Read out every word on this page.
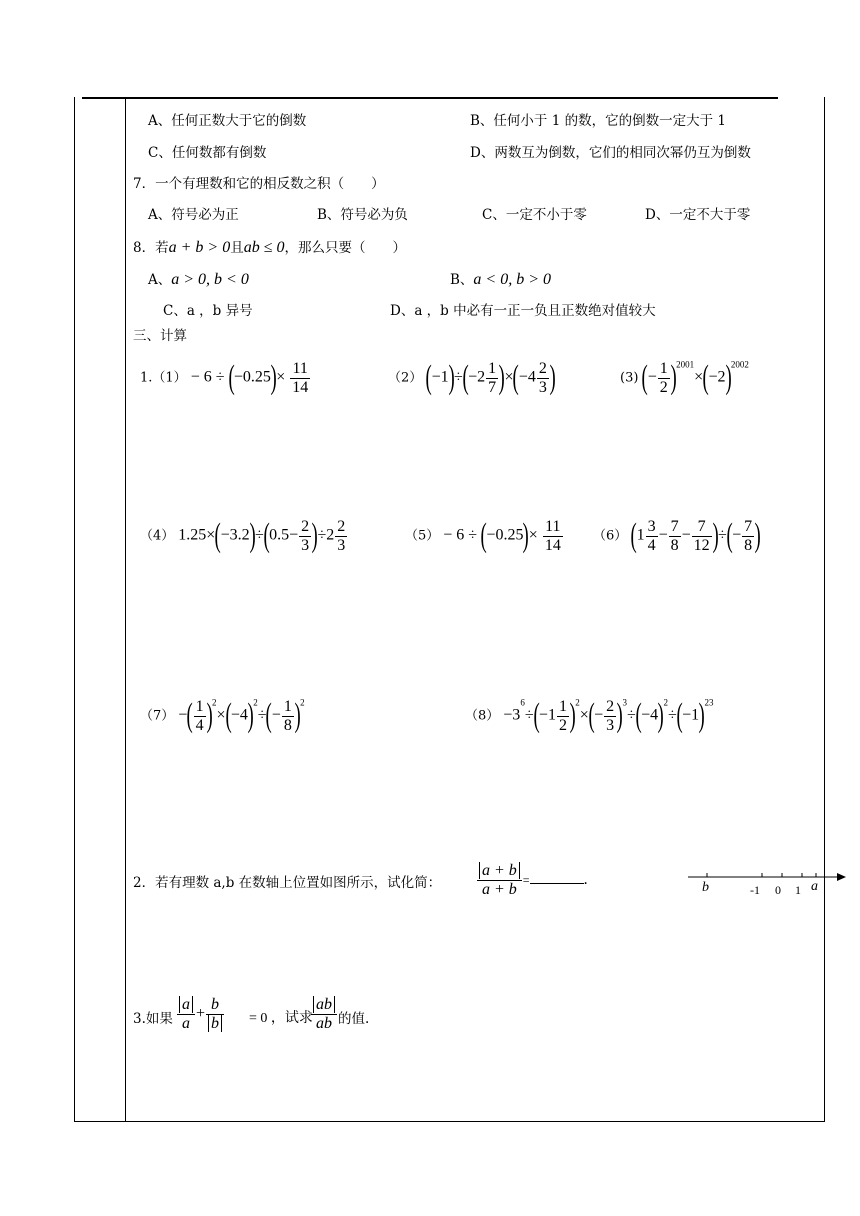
A、任何正数大于它的倒数	B、任何小于 1 的数，它的倒数一定大于 1
C、任何数都有倒数	D、两数互为倒数，它们的相同次幂仍互为倒数
7．一个有理数和它的相反数之积（　　）
A、符号必为正	B、符号必为负	C、一定不小于零	D、一定不大于零
8．若a + b > 0且ab ≤ 0，那么只要（　　）
A、a > 0, b < 0	B、a < 0, b > 0
C、a ，b 异号	D、a ，b 中必有一正一负且正数绝对值较大
三、计算
$1.(1) - 6 \div (-0.25)\times \frac{11}{14}$	（2） $(-1)\div(-2 \frac{1}{7} )\times(-4 \frac{2}{3}$ )	(3) (− $\frac{1}{2} )^{2001}\times(-2)^{2002}$
（4） $1.25\times(-3.2)\div(0.5- \frac{2}{3} )\div 2 \frac{2}{3}$	$(5) - 6 \div (-0.25)\times \frac{11}{14} (6)$ ($1 \frac{3}{4} - \frac{7}{8} - \frac{7}{12}$ )÷(− $\frac{7}{8}$ )
（7） −( $\frac{1}{4} )^2\times(-4)^2\div(- \frac{1}{8} )^2$
$(8) -3^6\div(-1 \frac{1}{2} )^2\times(- \frac{2}{3} )^3\div(-4)^2\div(-1)^{23}$
2．若有理数 a,b 在数轴上位置如图所示，试化简： $\frac{a + b}{a + b}$ =	.	b	-1 0 1 a
3.如果 $\frac{a}{a} + \frac{b}{b} = 0$ ，试求
$\frac{ab}{ab}$ 的值.
